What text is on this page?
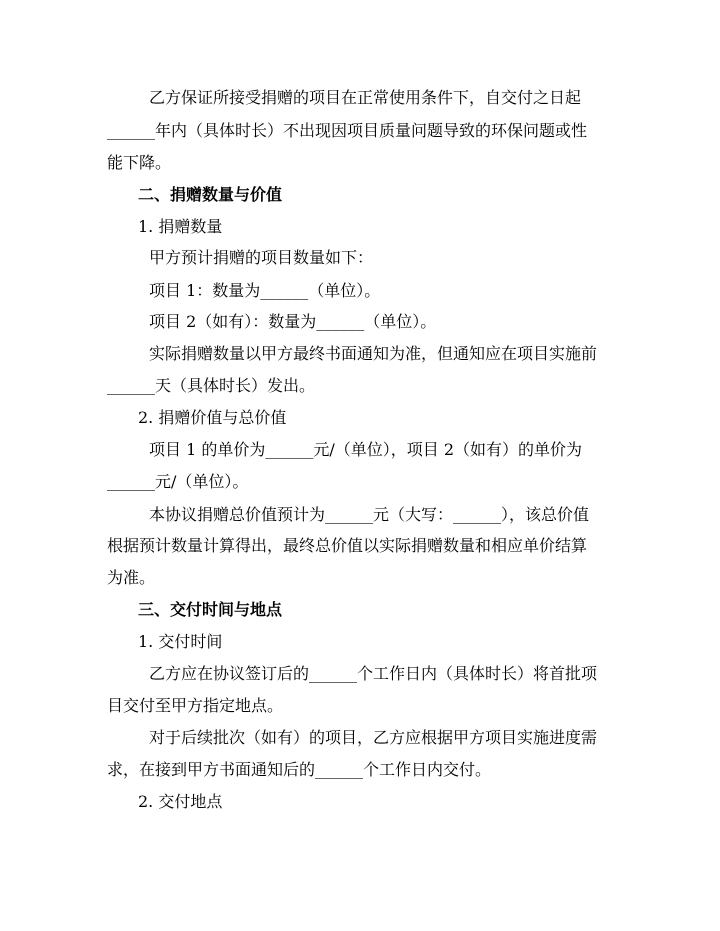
乙方保证所接受捐赠的项目在正常使用条件下，自交付之日起
______年内（具体时长）不出现因项目质量问题导致的环保问题或性
能下降。
二、捐赠数量与价值
1. 捐赠数量
甲方预计捐赠的项目数量如下：
项目 1：数量为______（单位）。
项目 2（如有）：数量为______（单位）。
实际捐赠数量以甲方最终书面通知为准，但通知应在项目实施前
______天（具体时长）发出。
2. 捐赠价值与总价值
项目 1 的单价为______元/（单位），项目 2（如有）的单价为
______元/（单位）。
本协议捐赠总价值预计为______元（大写：______），该总价值
根据预计数量计算得出，最终总价值以实际捐赠数量和相应单价结算
为准。
三、交付时间与地点
1. 交付时间
乙方应在协议签订后的______个工作日内（具体时长）将首批项
目交付至甲方指定地点。
对于后续批次（如有）的项目，乙方应根据甲方项目实施进度需
求，在接到甲方书面通知后的______个工作日内交付。
2. 交付地点
